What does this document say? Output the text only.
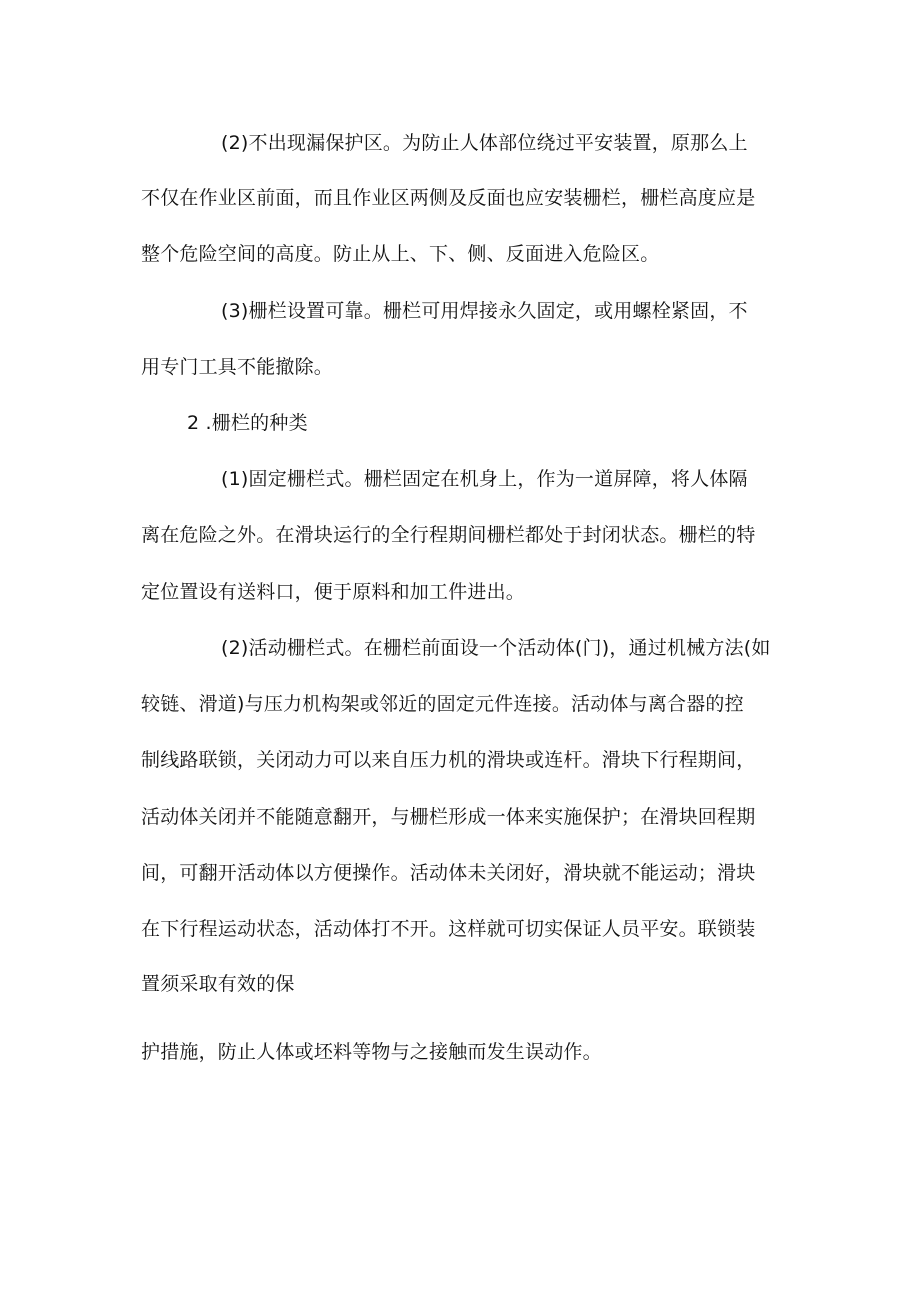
(2)不出现漏保护区。为防止人体部位绕过平安装置，原那么上
不仅在作业区前面，而且作业区两侧及反面也应安装栅栏，栅栏高度应是
整个危险空间的高度。防止从上、下、侧、反面进入危险区。
(3)栅栏设置可靠。栅栏可用焊接永久固定，或用螺栓紧固，不
用专门工具不能撤除。
2 .栅栏的种类
(1)固定栅栏式。栅栏固定在机身上，作为一道屏障，将人体隔
离在危险之外。在滑块运行的全行程期间栅栏都处于封闭状态。栅栏的特
定位置设有送料口，便于原料和加工件进出。
(2)活动栅栏式。在栅栏前面设一个活动体(门)，通过机械方法(如
较链、滑道)与压力机构架或邻近的固定元件连接。活动体与离合器的控
制线路联锁，关闭动力可以来自压力机的滑块或连杆。滑块下行程期间，
活动体关闭并不能随意翻开，与栅栏形成一体来实施保护；在滑块回程期
间，可翻开活动体以方便操作。活动体未关闭好，滑块就不能运动；滑块
在下行程运动状态，活动体打不开。这样就可切实保证人员平安。联锁装
置须采取有效的保
护措施，防止人体或坯料等物与之接触而发生误动作。
